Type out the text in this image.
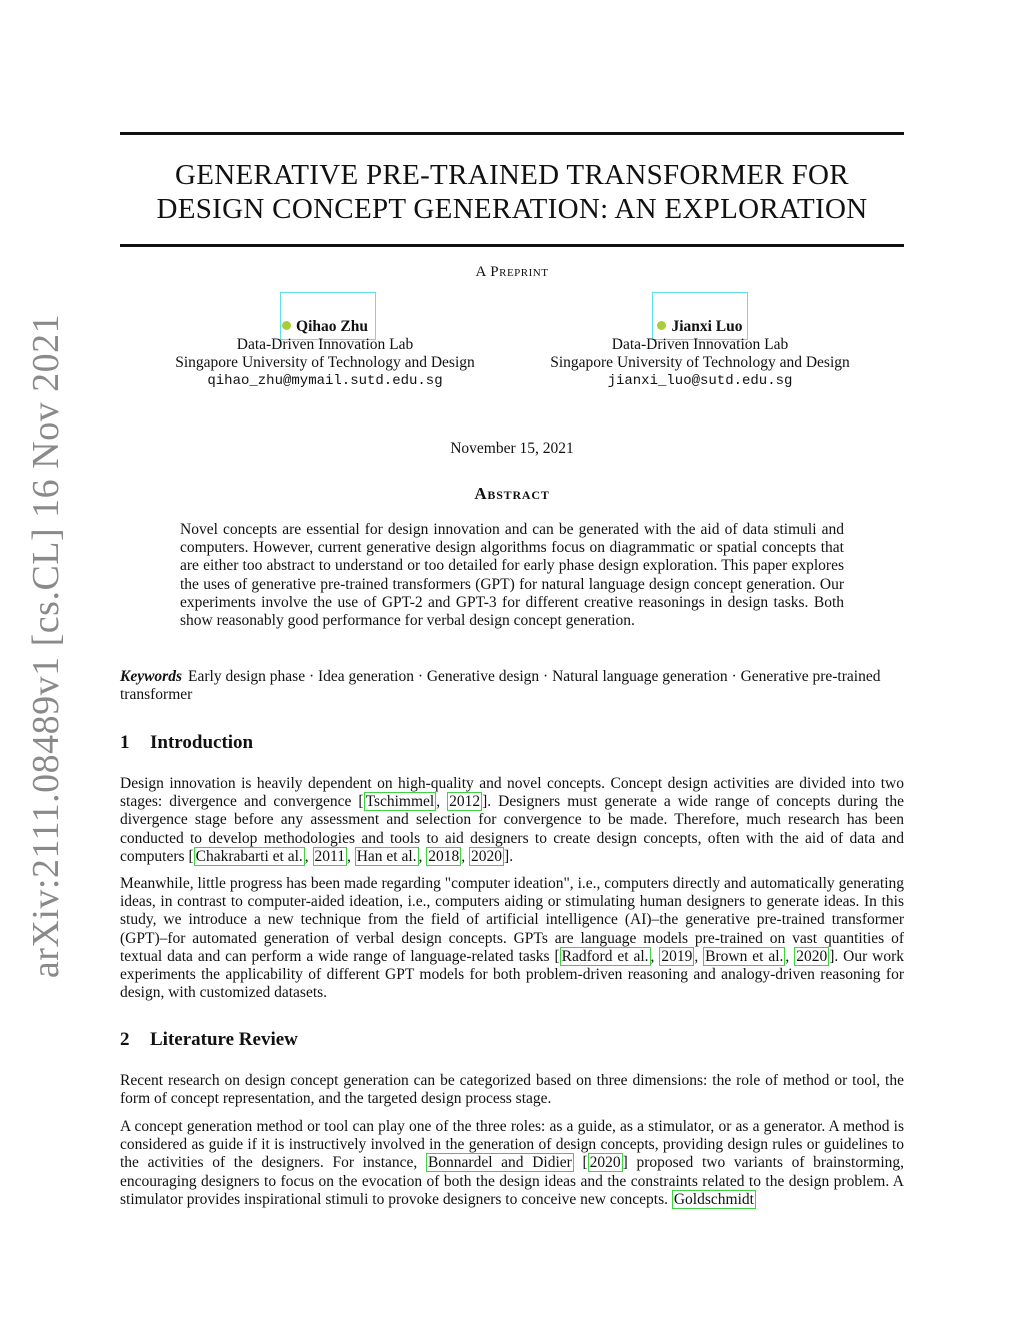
arXiv:2111.08489v1 [cs.CL] 16 Nov 2021
GENERATIVE PRE-TRAINED TRANSFORMER FOR
DESIGN CONCEPT GENERATION: AN EXPLORATION
A Preprint
Qihao Zhu
Data-Driven Innovation Lab
Singapore University of Technology and Design
qihao_zhu@mymail.sutd.edu.sg
Jianxi Luo
Data-Driven Innovation Lab
Singapore University of Technology and Design
jianxi_luo@sutd.edu.sg
November 15, 2021
Abstract
Novel concepts are essential for design innovation and can be generated with the aid of data stimuli and computers. However, current generative design algorithms focus on diagrammatic or spatial concepts that are either too abstract to understand or too detailed for early phase design exploration. This paper explores the uses of generative pre-trained transformers (GPT) for natural language design concept generation. Our experiments involve the use of GPT-2 and GPT-3 for different creative reasonings in design tasks. Both show reasonably good performance for verbal design concept generation.
Keywords Early design phase · Idea generation · Generative design · Natural language generation · Generative pre-trained transformer
1 Introduction
Design innovation is heavily dependent on high-quality and novel concepts. Concept design activities are divided into two stages: divergence and convergence [ Tschimmel , 2012 ]. Designers must generate a wide range of concepts during the divergence stage before any assessment and selection for convergence to be made. Therefore, much research has been conducted to develop methodologies and tools to aid designers to create design concepts, often with the aid of data and computers [ Chakrabarti et al. , 2011 , Han et al. , 2018 , 2020 ].
Meanwhile, little progress has been made regarding "computer ideation", i.e., computers directly and automatically generating ideas, in contrast to computer-aided ideation, i.e., computers aiding or stimulating human designers to generate ideas. In this study, we introduce a new technique from the field of artificial intelligence (AI)–the generative pre-trained transformer (GPT)–for automated generation of verbal design concepts. GPTs are language models pre-trained on vast quantities of textual data and can perform a wide range of language-related tasks [ Radford et al. , 2019 , Brown et al. , 2020 ]. Our work experiments the applicability of different GPT models for both problem-driven reasoning and analogy-driven reasoning for design, with customized datasets.
2 Literature Review
Recent research on design concept generation can be categorized based on three dimensions: the role of method or tool, the form of concept representation, and the targeted design process stage.
A concept generation method or tool can play one of the three roles: as a guide, as a stimulator, or as a generator. A method is considered as guide if it is instructively involved in the generation of design concepts, providing design rules or guidelines to the activities of the designers. For instance, Bonnardel and Didier [ 2020 ] proposed two variants of brainstorming, encouraging designers to focus on the evocation of both the design ideas and the constraints related to the design problem. A stimulator provides inspirational stimuli to provoke designers to conceive new concepts. Goldschmidt
